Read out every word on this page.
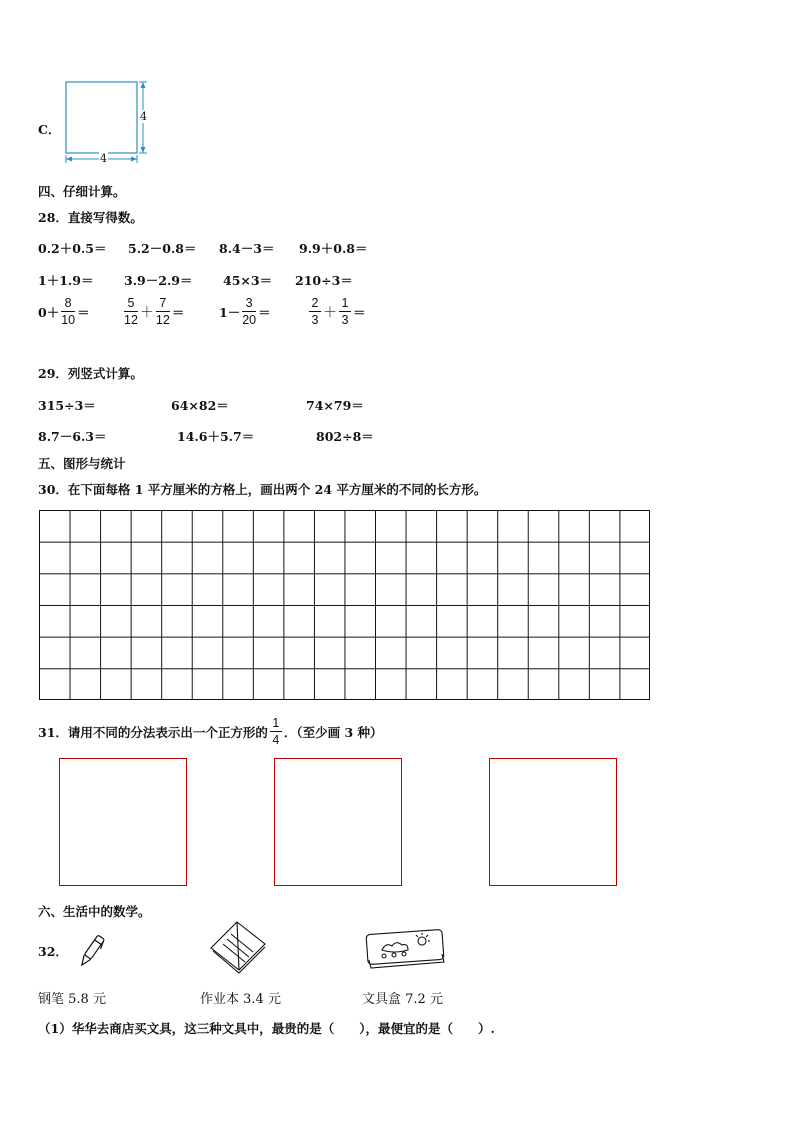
C．
4
4
四、仔细计算。
28．直接写得数。
0.2＋0.5＝ 5.2－0.8＝ 8.4－3＝ 9.9＋0.8＝
1＋1.9＝ 3.9－2.9＝ 45×3＝ 210÷3＝
$0+ \frac{8}{10}$ ＝	$\frac{5}{12} + \frac{7}{12}$ ＝	$1- \frac{3}{20}$ ＝	$\frac{2}{3} + \frac{1}{3}$ ＝
29．列竖式计算。
315÷3＝	64×82＝	74×79＝
8.7－6.3＝	14.6＋5.7＝	802÷8＝
五、图形与统计
30．在下面每格 1 平方厘米的方格上，画出两个 24 平方厘米的不同的长方形。
31．请用不同的分法表示出一个正方形的 $\frac{1}{4}$ ．（至少画 3 种）
六、生活中的数学。
32．
钢笔 5.8 元	作业本 3.4 元	文具盒 7.2 元
（1）华华去商店买文具，这三种文具中，最贵的是（　　），最便宜的是（　　）.
